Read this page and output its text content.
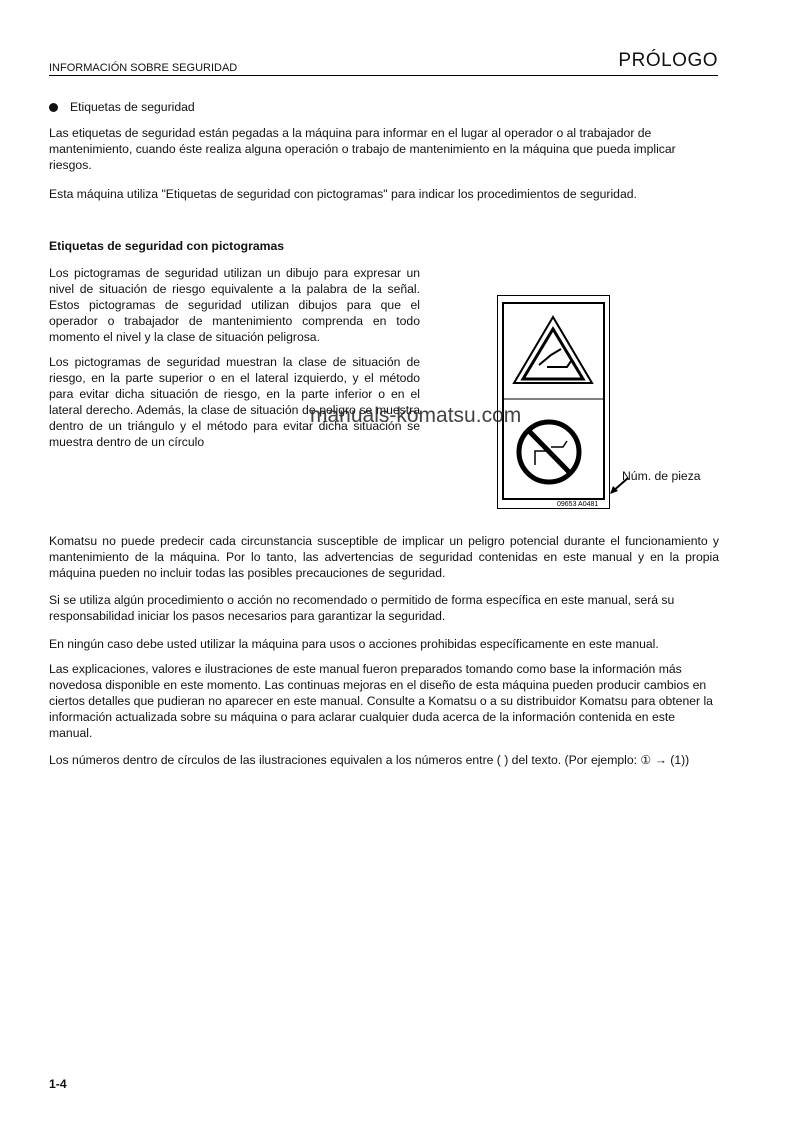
INFORMACIÓN SOBRE SEGURIDAD	PRÓLOGO
Etiquetas de seguridad

Las etiquetas de seguridad están pegadas a la máquina para informar en el lugar al operador o al trabajador de mantenimiento, cuando éste realiza alguna operación o trabajo de mantenimiento en la máquina que pueda implicar riesgos.

Esta máquina utiliza "Etiquetas de seguridad con pictogramas" para indicar los procedimientos de seguridad.

Etiquetas de seguridad con pictogramas

Los pictogramas de seguridad utilizan un dibujo para expresar un nivel de situación de riesgo equivalente a la palabra de la señal. Estos pictogramas de seguridad utilizan dibujos para que el operador o trabajador de mantenimiento comprenda en todo momento el nivel y la clase de situación peligrosa.

Los pictogramas de seguridad muestran la clase de situación de riesgo, en la parte superior o en el lateral izquierdo, y el método para evitar dicha situación de riesgo, en la parte inferior o en el lateral derecho. Además, la clase de situación de peligro se muestra dentro de un triángulo y el método para evitar dicha situación se muestra dentro de un círculo

09653 A0481
Núm. de pieza
manuals-komatsu.com

Komatsu no puede predecir cada circunstancia susceptible de implicar un peligro potencial durante el funcionamiento y mantenimiento de la máquina. Por lo tanto, las advertencias de seguridad contenidas en este manual y en la propia máquina pueden no incluir todas las posibles precauciones de seguridad.

Si se utiliza algún procedimiento o acción no recomendado o permitido de forma específica en este manual, será su responsabilidad iniciar los pasos necesarios para garantizar la seguridad.

En ningún caso debe usted utilizar la máquina para usos o acciones prohibidas específicamente en este manual.

Las explicaciones, valores e ilustraciones de este manual fueron preparados tomando como base la información más novedosa disponible en este momento. Las continuas mejoras en el diseño de esta máquina pueden producir cambios en ciertos detalles que pudieran no aparecer en este manual. Consulte a Komatsu o a su distribuidor Komatsu para obtener la información actualizada sobre su máquina o para aclarar cualquier duda acerca de la información contenida en este manual.

Los números dentro de círculos de las ilustraciones equivalen a los números entre ( ) del texto. (Por ejemplo: ① → (1))

1-4
